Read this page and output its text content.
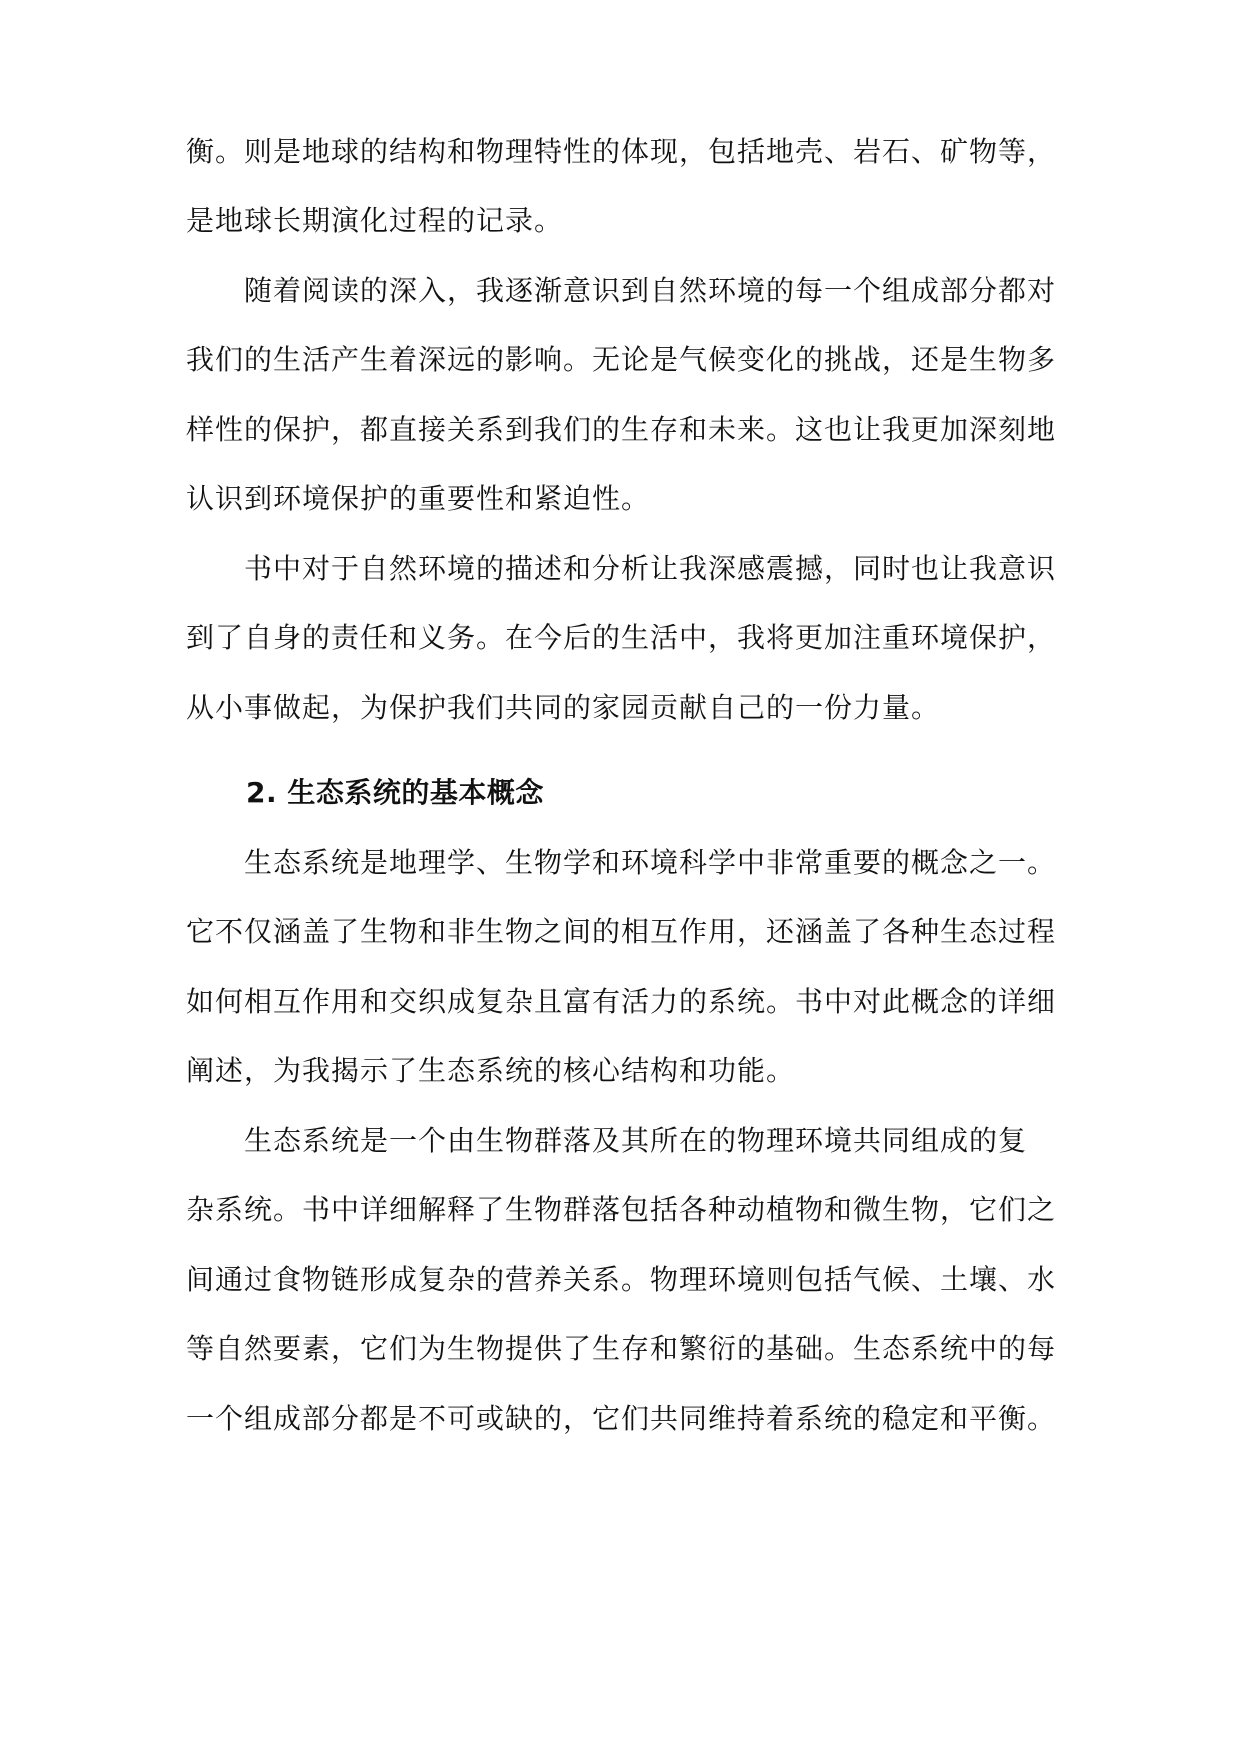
衡。则是地球的结构和物理特性的体现，包括地壳、岩石、矿物等，
是地球长期演化过程的记录。
随着阅读的深入，我逐渐意识到自然环境的每一个组成部分都对
我们的生活产生着深远的影响。无论是气候变化的挑战，还是生物多
样性的保护，都直接关系到我们的生存和未来。这也让我更加深刻地
认识到环境保护的重要性和紧迫性。
书中对于自然环境的描述和分析让我深感震撼，同时也让我意识
到了自身的责任和义务。在今后的生活中，我将更加注重环境保护，
从小事做起，为保护我们共同的家园贡献自己的一份力量。
2. 生态系统的基本概念
生态系统是地理学、生物学和环境科学中非常重要的概念之一。
它不仅涵盖了生物和非生物之间的相互作用，还涵盖了各种生态过程
如何相互作用和交织成复杂且富有活力的系统。书中对此概念的详细
阐述，为我揭示了生态系统的核心结构和功能。
生态系统是一个由生物群落及其所在的物理环境共同组成的复
杂系统。书中详细解释了生物群落包括各种动植物和微生物，它们之
间通过食物链形成复杂的营养关系。物理环境则包括气候、土壤、水
等自然要素，它们为生物提供了生存和繁衍的基础。生态系统中的每
一个组成部分都是不可或缺的，它们共同维持着系统的稳定和平衡。
